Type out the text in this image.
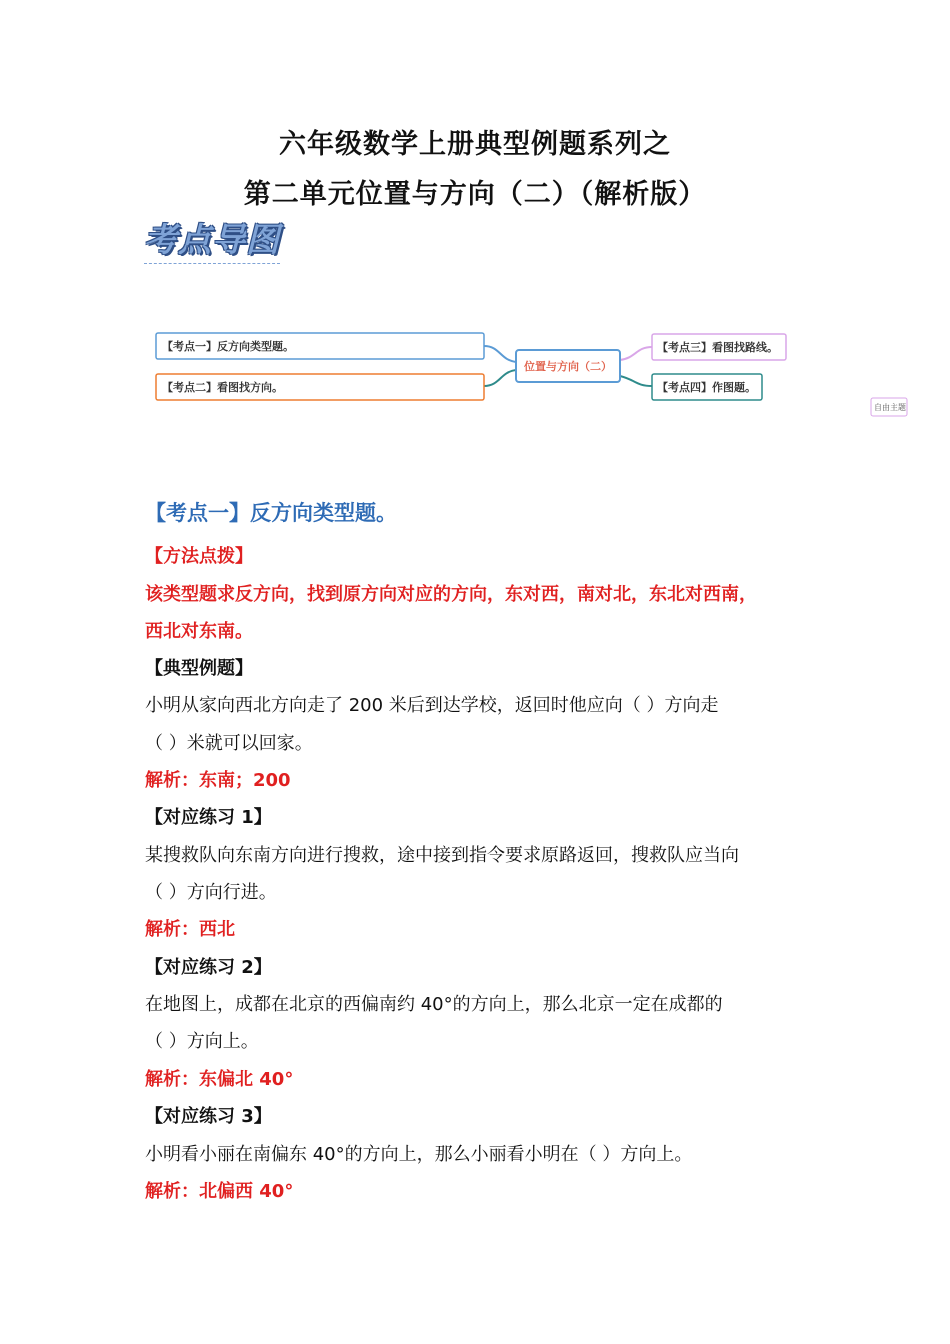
六年级数学上册典型例题系列之
第二单元位置与方向（二）（解析版）
考点导图
【考点一】反方向类型题。
【考点二】看图找方向。
位置与方向（二）
【考点三】看图找路线。
【考点四】作图题。
自由主题
【考点一】反方向类型题。
【方法点拨】
该类型题求反方向，找到原方向对应的方向，东对西，南对北，东北对西南，
西北对东南。
【典型例题】
小明从家向西北方向走了 200 米后到达学校，返回时他应向（ ）方向走
（ ）米就可以回家。
解析：东南；200
【对应练习 1】
某搜救队向东南方向进行搜救，途中接到指令要求原路返回，搜救队应当向
（ ）方向行进。
解析：西北
【对应练习 2】
在地图上，成都在北京的西偏南约 40°的方向上，那么北京一定在成都的
（ ）方向上。
解析：东偏北 40°
【对应练习 3】
小明看小丽在南偏东 40°的方向上，那么小丽看小明在（ ）方向上。
解析：北偏西 40°
